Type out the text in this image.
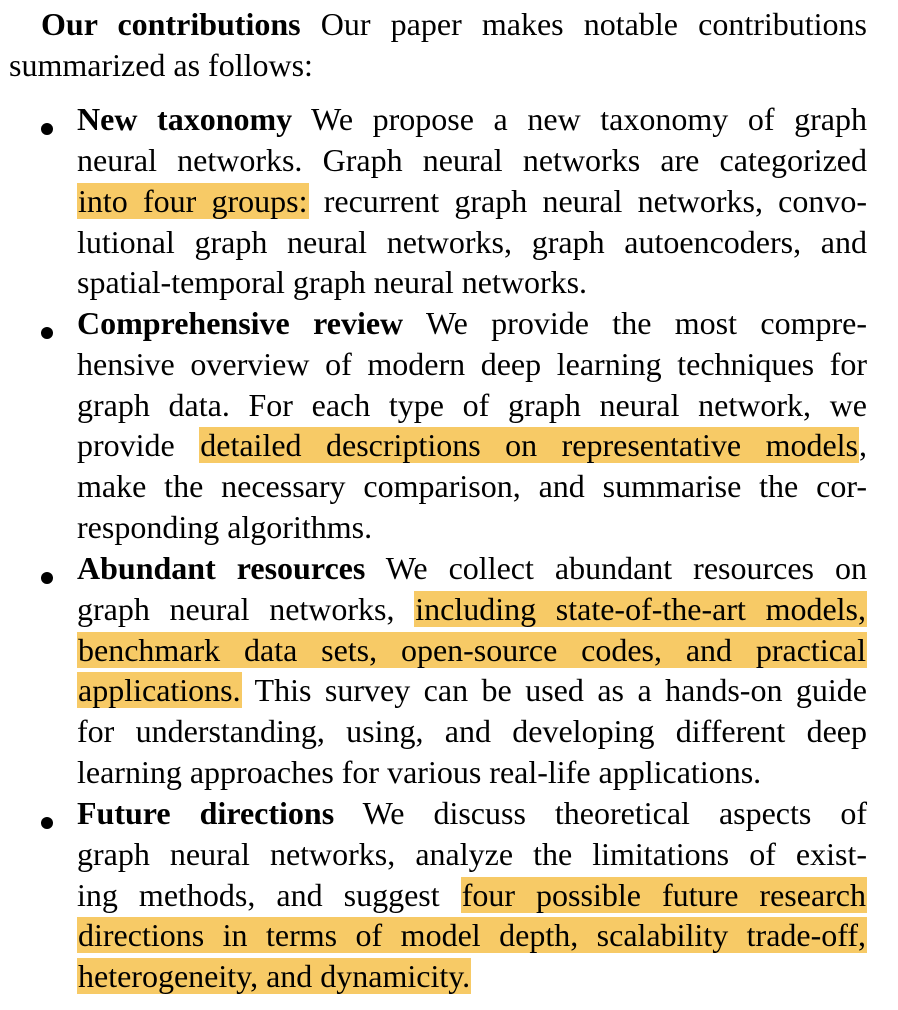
Our contributions Our paper makes notable contributions
summarized as follows:
New taxonomy We propose a new taxonomy of graph
neural networks. Graph neural networks are categorized
into four groups: recurrent graph neural networks, convo-
lutional graph neural networks, graph autoencoders, and
spatial-temporal graph neural networks.
Comprehensive review We provide the most compre-
hensive overview of modern deep learning techniques for
graph data. For each type of graph neural network, we
provide detailed descriptions on representative models,
make the necessary comparison, and summarise the cor-
responding algorithms.
Abundant resources We collect abundant resources on
graph neural networks, including state-of-the-art models,
benchmark data sets, open-source codes, and practical
applications. This survey can be used as a hands-on guide
for understanding, using, and developing different deep
learning approaches for various real-life applications.
Future directions We discuss theoretical aspects of
graph neural networks, analyze the limitations of exist-
ing methods, and suggest four possible future research
directions in terms of model depth, scalability trade-off,
heterogeneity, and dynamicity.
